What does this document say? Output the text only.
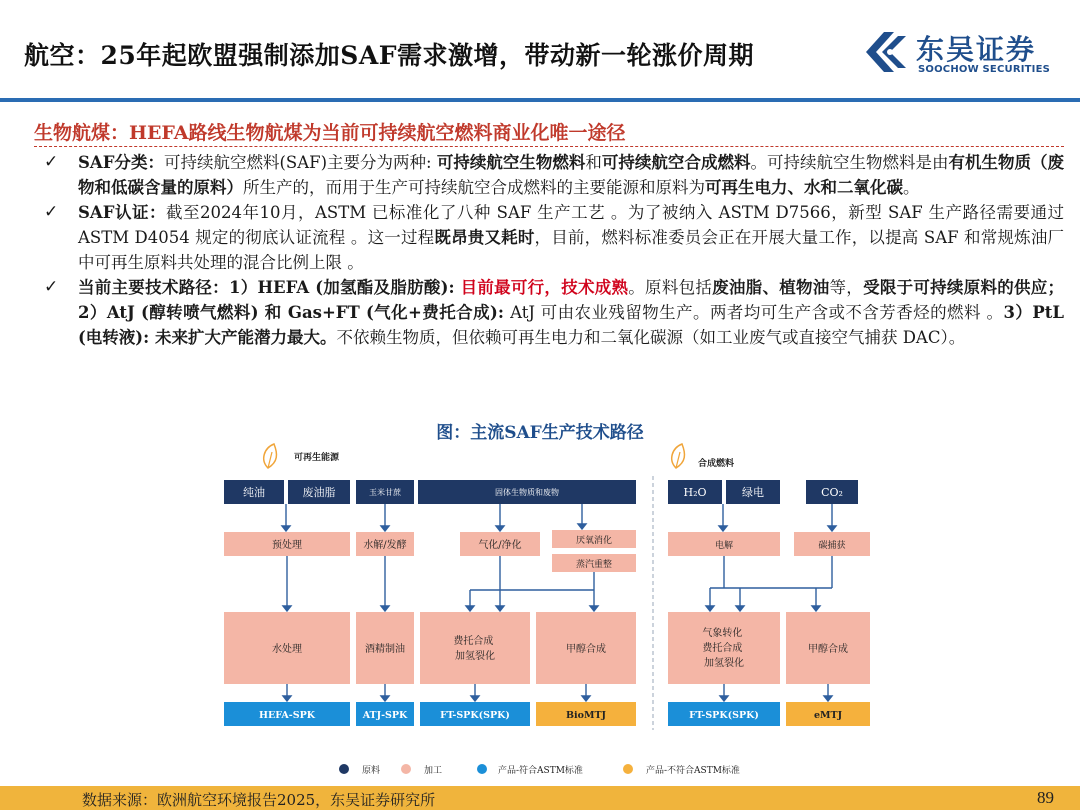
航空：25年起欧盟强制添加SAF需求激增，带动新一轮涨价周期	东吴证券
SOOCHOW SECURITIES
生物航煤：HEFA路线生物航煤为当前可持续航空燃料商业化唯一途径
✓ SAF分类：可持续航空燃料(SAF)主要分为两种: 可持续航空生物燃料和可持续航空合成燃料。可持续航空生物燃料是由有机生物质（废物和低碳含量的原料）所生产的，而用于生产可持续航空合成燃料的主要能源和原料为可再生电力、水和二氧化碳。
✓ SAF认证：截至2024年10月，ASTM 已标准化了八种 SAF 生产工艺 。为了被纳入 ASTM D7566，新型 SAF 生产路径需要通过 ASTM D4054 规定的彻底认证流程 。这一过程既昂贵又耗时，目前，燃料标准委员会正在开展大量工作，以提高 SAF 和常规炼油厂中可再生原料共处理的混合比例上限 。
✓ 当前主要技术路径：1）HEFA (加氢酯及脂肪酸): 目前最可行，技术成熟。原料包括废油脂、植物油等，受限于可持续原料的供应；2）AtJ (醇转喷气燃料) 和 Gas+FT (气化+费托合成): AtJ 可由农业残留物生产。两者均可生产含或不含芳香烃的燃料 。3）PtL (电转液): 未来扩大产能潜力最大。不依赖生物质，但依赖可再生电力和二氧化碳源（如工业废气或直接空气捕获 DAC）。
图：主流SAF生产技术路径
可再生能源
合成燃料
纯油	废油脂	玉米甘蔗	固体生物质和废物	H₂O	绿电	CO₂
预处理	水解/发酵	气化/净化	厌氧消化
蒸汽重整
电解	碳捕获
水处理	酒精制油
费托合成 加氢裂化
甲醇合成
气象转化 费托合成 加氢裂化
甲醇合成
HEFA-SPK	ATJ-SPK	FT-SPK(SPK)	BioMTJ	FT-SPK(SPK)	eMTJ
原料	加工	产品-符合ASTM标准	产品-不符合ASTM标准
数据来源：欧洲航空环境报告2025，东吴证券研究所	89
